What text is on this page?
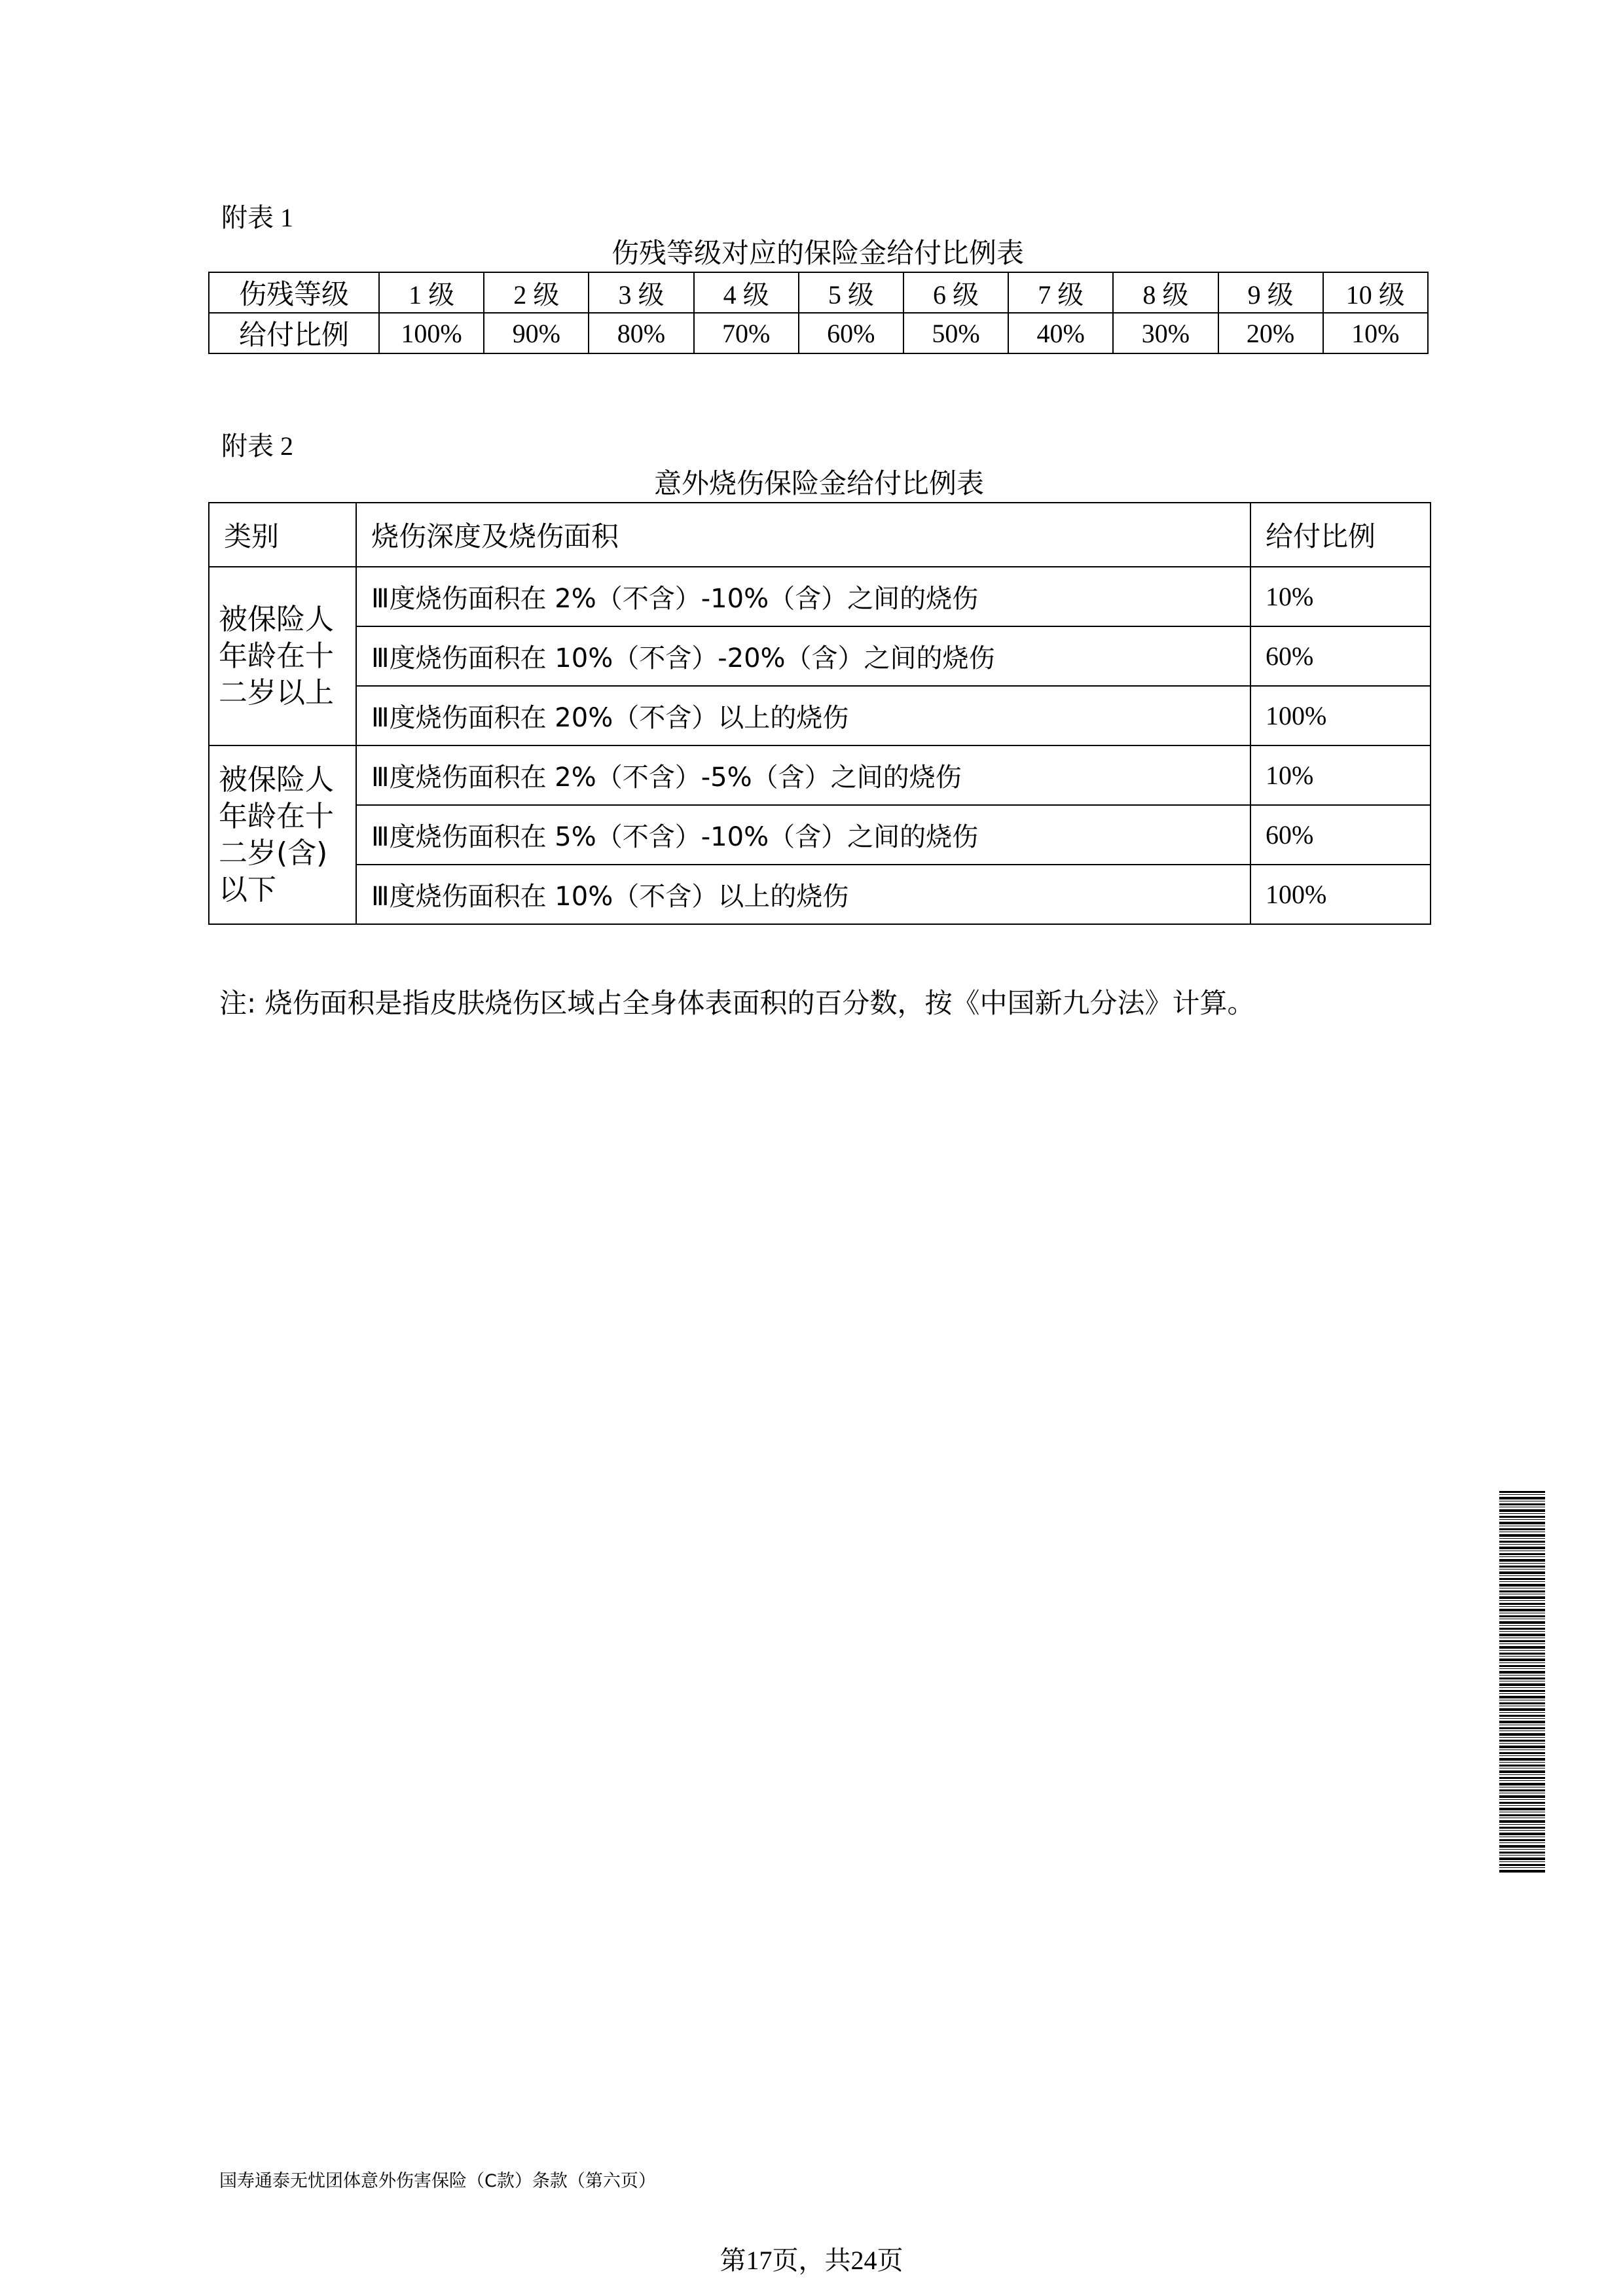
附表 1
伤残等级对应的保险金给付比例表
伤残等级	1 级	2 级	3 级	4 级	5 级	6 级	7 级	8 级	9 级	10 级
给付比例	100%	90%	80%	70%	60%	50%	40%	30%	20%	10%
附表 2
意外烧伤保险金给付比例表
类别	烧伤深度及烧伤面积	给付比例
被保险人年龄在十二岁以上	Ⅲ度烧伤面积在 2%（不含）-10%（含）之间的烧伤	10%
	Ⅲ度烧伤面积在 10%（不含）-20%（含）之间的烧伤	60%
	Ⅲ度烧伤面积在 20%（不含）以上的烧伤	100%
被保险人年龄在十二岁(含)以下	Ⅲ度烧伤面积在 2%（不含）-5%（含）之间的烧伤	10%
	Ⅲ度烧伤面积在 5%（不含）-10%（含）之间的烧伤	60%
	Ⅲ度烧伤面积在 10%（不含）以上的烧伤	100%
注: 烧伤面积是指皮肤烧伤区域占全身体表面积的百分数，按《中国新九分法》计算。
国寿通泰无忧团体意外伤害保险（C款）条款（第六页）
第17页，共24页
